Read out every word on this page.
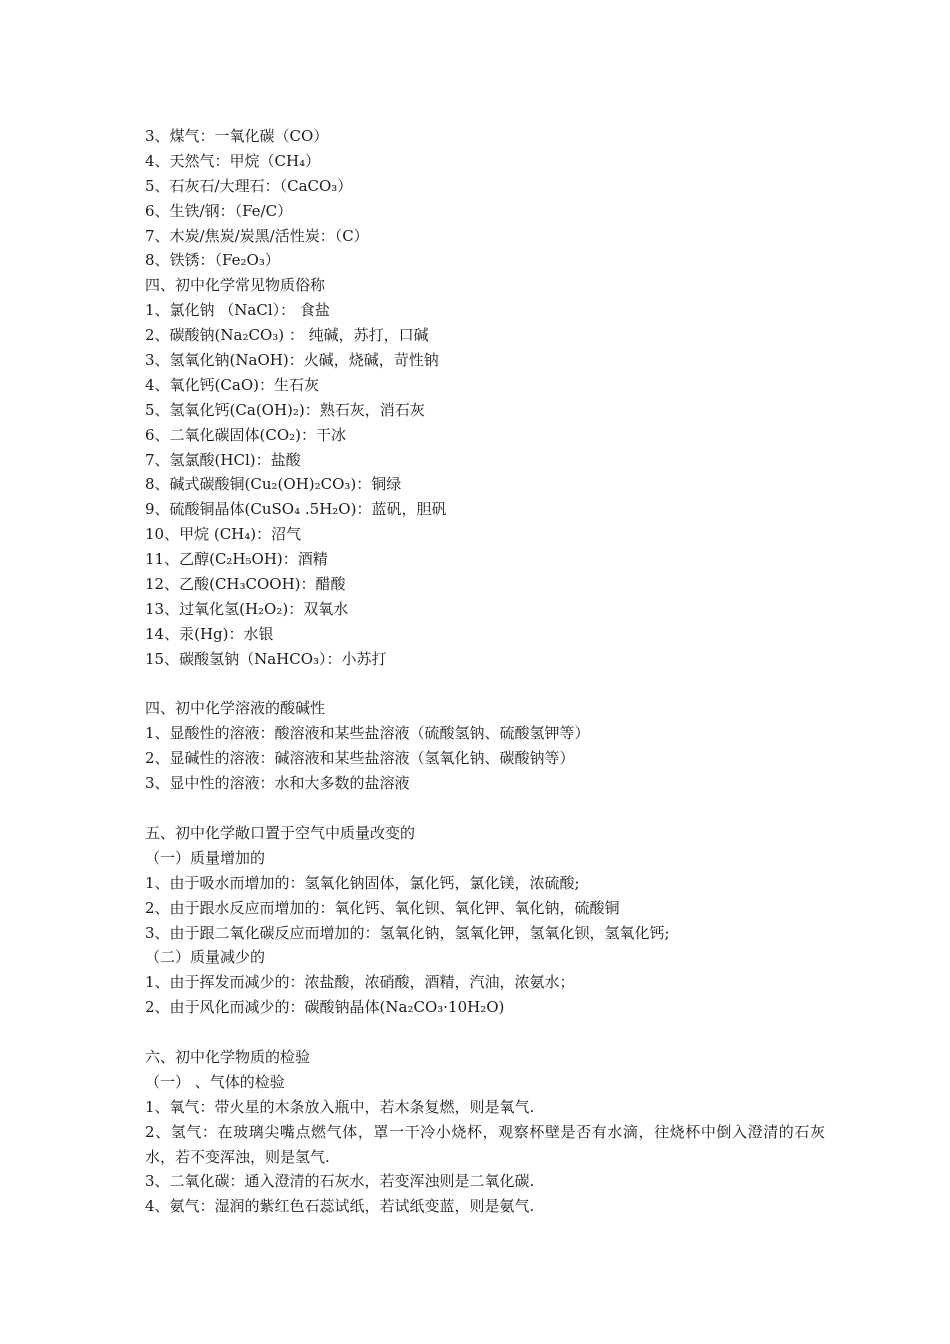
3、煤气：一氧化碳（CO）
4、天然气：甲烷（CH₄）
5、石灰石/大理石：（CaCO₃）
6、生铁/钢：（Fe/C）
7、木炭/焦炭/炭黑/活性炭：（C）
8、铁锈：（Fe₂O₃）
四、初中化学常见物质俗称
1、氯化钠 （NaCl）： 食盐
2、碳酸钠(Na₂CO₃) ： 纯碱，苏打，口碱
3、氢氧化钠(NaOH)：火碱，烧碱，苛性钠
4、氧化钙(CaO)：生石灰
5、氢氧化钙(Ca(OH)₂)：熟石灰，消石灰
6、二氧化碳固体(CO₂)：干冰
7、氢氯酸(HCl)：盐酸
8、碱式碳酸铜(Cu₂(OH)₂CO₃)：铜绿
9、硫酸铜晶体(CuSO₄ .5H₂O)：蓝矾，胆矾
10、甲烷 (CH₄)：沼气
11、乙醇(C₂H₅OH)：酒精
12、乙酸(CH₃COOH)：醋酸
13、过氧化氢(H₂O₂)：双氧水
14、汞(Hg)：水银
15、碳酸氢钠（NaHCO₃）：小苏打
四、初中化学溶液的酸碱性
1、显酸性的溶液：酸溶液和某些盐溶液（硫酸氢钠、硫酸氢钾等）
2、显碱性的溶液：碱溶液和某些盐溶液（氢氧化钠、碳酸钠等）
3、显中性的溶液：水和大多数的盐溶液
五、初中化学敞口置于空气中质量改变的
（一）质量增加的
1、由于吸水而增加的：氢氧化钠固体，氯化钙，氯化镁，浓硫酸;
2、由于跟水反应而增加的：氧化钙、氧化钡、氧化钾、氧化钠，硫酸铜
3、由于跟二氧化碳反应而增加的：氢氧化钠，氢氧化钾，氢氧化钡，氢氧化钙;
（二）质量减少的
1、由于挥发而减少的：浓盐酸，浓硝酸，酒精，汽油，浓氨水；
2、由于风化而减少的：碳酸钠晶体(Na₂CO₃·10H₂O)
六、初中化学物质的检验
（一） 、气体的检验
1、氧气：带火星的木条放入瓶中，若木条复燃，则是氧气.
2、氢气：在玻璃尖嘴点燃气体，罩一干冷小烧杯，观察杯壁是否有水滴，往烧杯中倒入澄清的石灰水，若不变浑浊，则是氢气.
3、二氧化碳：通入澄清的石灰水，若变浑浊则是二氧化碳.
4、氨气：湿润的紫红色石蕊试纸，若试纸变蓝，则是氨气.
